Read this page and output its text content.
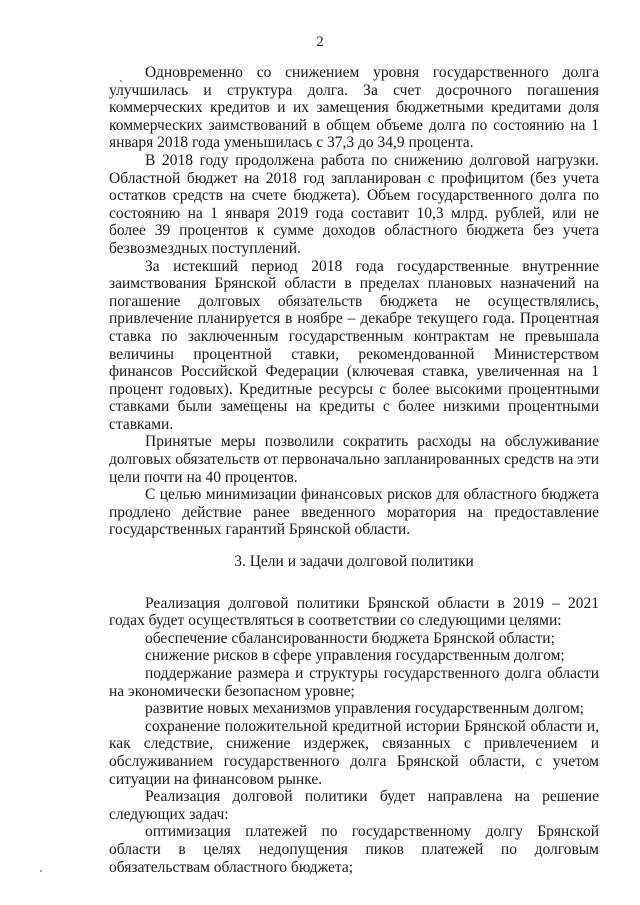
2

Одновременно со снижением уровня государственного долга улучшилась и структура долга. За счет досрочного погашения коммерческих кредитов и их замещения бюджетными кредитами доля коммерческих заимствований в общем объеме долга по состоянию на 1 января 2018 года уменьшилась с 37,3 до 34,9 процента.

В 2018 году продолжена работа по снижению долговой нагрузки. Областной бюджет на 2018 год запланирован с профицитом (без учета остатков средств на счете бюджета). Объем государственного долга по состоянию на 1 января 2019 года составит 10,3 млрд. рублей, или не более 39 процентов к сумме доходов областного бюджета без учета безвозмездных поступлений.

За истекший период 2018 года государственные внутренние заимствования Брянской области в пределах плановых назначений на погашение долговых обязательств бюджета не осуществлялись, привлечение планируется в ноябре – декабре текущего года. Процентная ставка по заключенным государственным контрактам не превышала величины процентной ставки, рекомендованной Министерством финансов Российской Федерации (ключевая ставка, увеличенная на 1 процент годовых). Кредитные ресурсы с более высокими процентными ставками были замещены на кредиты с более низкими процентными ставками.

Принятые меры позволили сократить расходы на обслуживание долговых обязательств от первоначально запланированных средств на эти цели почти на 40 процентов.

С целью минимизации финансовых рисков для областного бюджета продлено действие ранее введенного моратория на предоставление государственных гарантий Брянской области.

3. Цели и задачи долговой политики

Реализация долговой политики Брянской области в 2019 – 2021 годах будет осуществляться в соответствии со следующими целями:

обеспечение сбалансированности бюджета Брянской области;
снижение рисков в сфере управления государственным долгом;
поддержание размера и структуры государственного долга области на экономически безопасном уровне;
развитие новых механизмов управления государственным долгом;
сохранение положительной кредитной истории Брянской области и, как следствие, снижение издержек, связанных с привлечением и обслуживанием государственного долга Брянской области, с учетом ситуации на финансовом рынке.

Реализация долговой политики будет направлена на решение следующих задач:

оптимизация платежей по государственному долгу Брянской области в целях недопущения пиков платежей по долговым обязательствам областного бюджета;
